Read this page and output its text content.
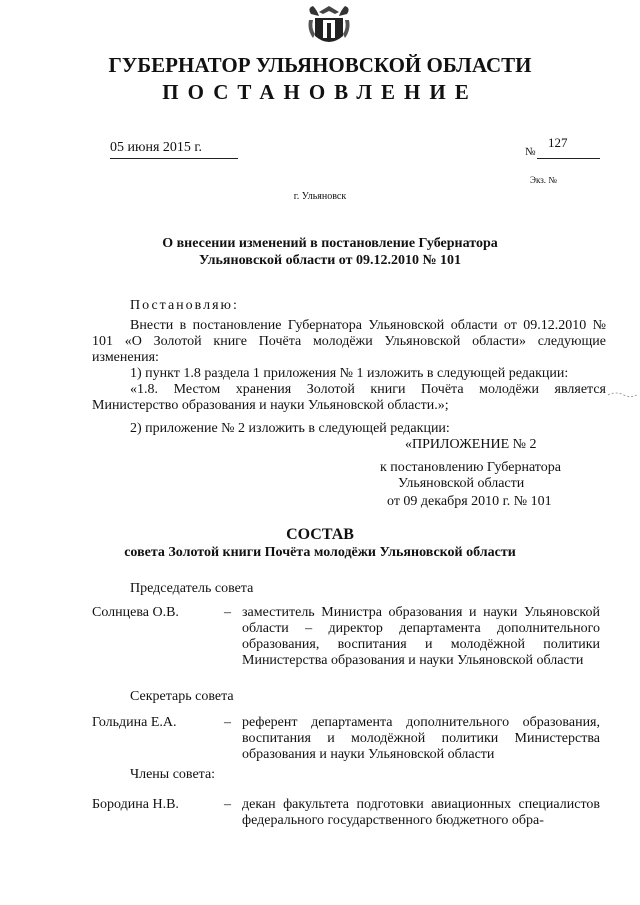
ГУБЕРНАТОР УЛЬЯНОВСКОЙ ОБЛАСТИ
ПОСТАНОВЛЕНИЕ
05 июня 2015 г.	№
127
Экз. №
г. Ульяновск
О внесении изменений в постановление Губернатора
Ульяновской области от 09.12.2010 № 101
Постановляю:
Внести в постановление Губернатора Ульяновской области от 09.12.2010 № 101 «О Золотой книге Почёта молодёжи Ульяновской области» следующие изменения:
1) пункт 1.8 раздела 1 приложения № 1 изложить в следующей редакции:
«1.8. Местом хранения Золотой книги Почёта молодёжи является Министерство образования и науки Ульяновской области.»;
2) приложение № 2 изложить в следующей редакции:
«ПРИЛОЖЕНИЕ № 2
к постановлению Губернатора
Ульяновской области
от 09 декабря 2010 г. № 101
СОСТАВ
совета Золотой книги Почёта молодёжи Ульяновской области
Председатель совета
Солнцева О.В.	– заместитель Министра образования и науки Ульяновской области – директор департамента дополнительного образования, воспитания и молодёжной политики Министерства образования и науки Ульяновской области
Секретарь совета
Гольдина Е.А.	– референт департамента дополнительного образования, воспитания и молодёжной политики Министерства образования и науки Ульяновской области
Члены совета:
Бородина Н.В.	– декан факультета подготовки авиационных специалистов федерального государственного бюджетного обра-
